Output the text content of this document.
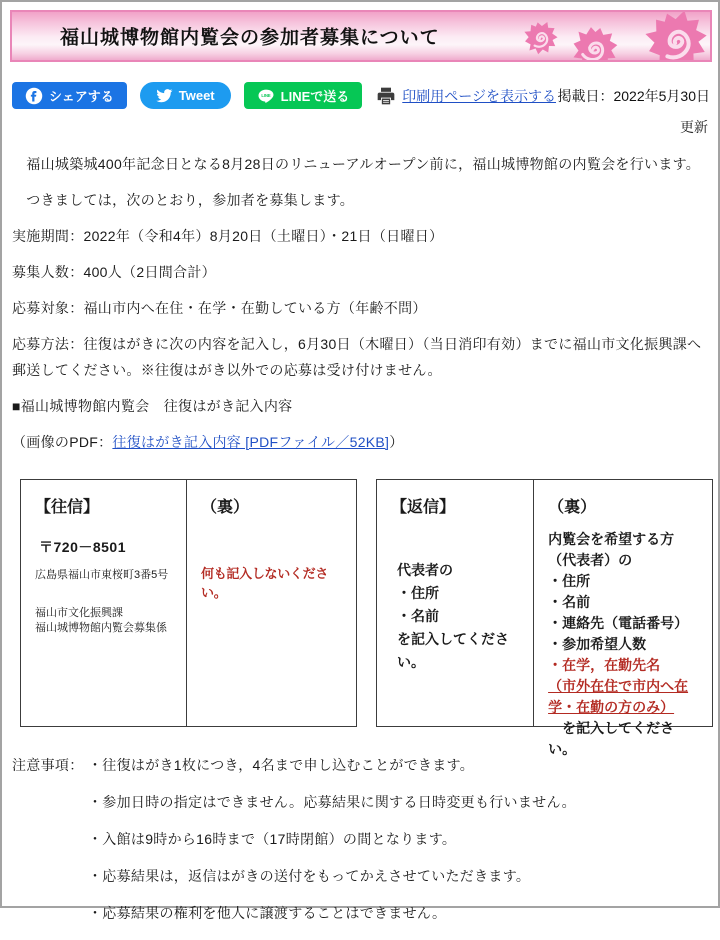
福山城博物館内覧会の参加者募集について
シェアする	Tweet	LINE LINEで送る	印刷用ページを表示する 掲載日：2022年5月30日
更新

　福山城築城400年記念日となる8月28日のリニューアルオープン前に，福山城博物館の内覧会を行います。

　つきましては，次のとおり，参加者を募集します。

実施期間：2022年（令和4年）8月20日（土曜日）・21日（日曜日）

募集人数：400人（2日間合計）

応募対象：福山市内へ在住・在学・在勤している方（年齢不問）

応募方法：往復はがきに次の内容を記入し，6月30日（木曜日）（当日消印有効）までに福山市文化振興課へ郵送してください。※往復はがき以外での応募は受け付けません。

■福山城博物館内覧会　往復はがき記入内容

（画像のPDF：往復はがき記入内容 [PDFファイル／52KB]）

【往信】
〒720－8501
広島県福山市東桜町3番5号
福山市文化振興課
福山城博物館内覧会募集係
（裏）
何も記入しないください。
【返信】
代表者の
・住所
・名前
を記入してください。
（裏）
内覧会を希望する方
（代表者）の
・住所
・名前
・連絡先（電話番号）
・参加希望人数
・在学，在勤先名
（市外在住で市内へ在
学・在勤の方のみ）
　を記入してください。
注意事項： ・往復はがき1枚につき，4名まで申し込むことができます。
・参加日時の指定はできません。応募結果に関する日時変更も行いません。
・入館は9時から16時まで（17時閉館）の間となります。
・応募結果は，返信はがきの送付をもってかえさせていただきます。
・応募結果の権利を他人に譲渡することはできません。
